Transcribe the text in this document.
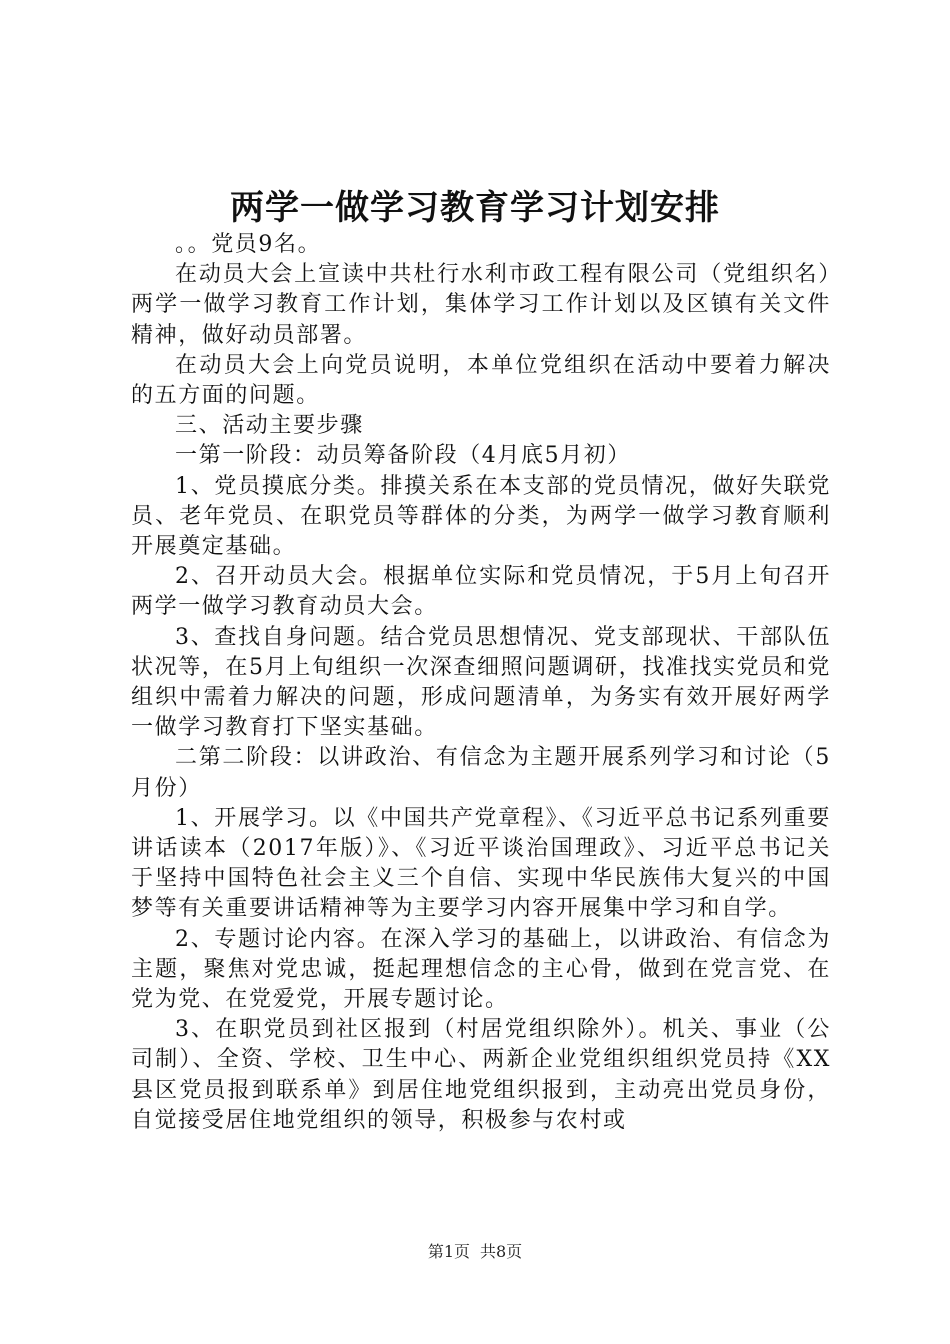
两学一做学习教育学习计划安排

。。党员9名。

在动员大会上宣读中共杜行水利市政工程有限公司（党组织名）两学一做学习教育工作计划，集体学习工作计划以及区镇有关文件精神，做好动员部署。

在动员大会上向党员说明，本单位党组织在活动中要着力解决的五方面的问题。

三、活动主要步骤

一第一阶段：动员筹备阶段（4月底5月初）

1、党员摸底分类。排摸关系在本支部的党员情况，做好失联党员、老年党员、在职党员等群体的分类，为两学一做学习教育顺利开展奠定基础。

2、召开动员大会。根据单位实际和党员情况，于5月上旬召开两学一做学习教育动员大会。

3、查找自身问题。结合党员思想情况、党支部现状、干部队伍状况等，在5月上旬组织一次深查细照问题调研，找准找实党员和党组织中需着力解决的问题，形成问题清单，为务实有效开展好两学一做学习教育打下坚实基础。

二第二阶段：以讲政治、有信念为主题开展系列学习和讨论（5月份）

1、开展学习。以《中国共产党章程》、《习近平总书记系列重要讲话读本（2017年版）》、《习近平谈治国理政》、习近平总书记关于坚持中国特色社会主义三个自信、实现中华民族伟大复兴的中国梦等有关重要讲话精神等为主要学习内容开展集中学习和自学。

2、专题讨论内容。在深入学习的基础上，以讲政治、有信念为主题，聚焦对党忠诚，挺起理想信念的主心骨，做到在党言党、在党为党、在党爱党，开展专题讨论。

3、在职党员到社区报到（村居党组织除外）。机关、事业（公司制）、全资、学校、卫生中心、两新企业党组织组织党员持《XX县区党员报到联系单》到居住地党组织报到，主动亮出党员身份，自觉接受居住地党组织的领导，积极参与农村或

第1页 共8页
